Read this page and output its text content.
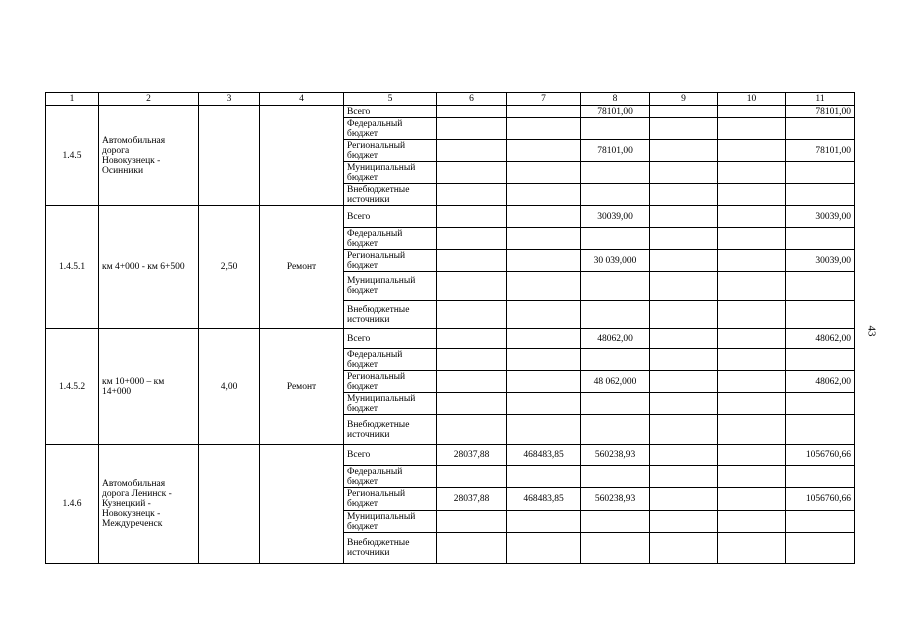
1	2	3	4	5	6	7	8	9	10	11
1.4.5	Автомобильная дорога Новокузнецк - Осинники			Всего			78101,00			78101,00

				Федеральный бюджет						

				Региональный бюджет			78101,00			78101,00

				Муниципальный бюджет						

				Внебюджетные источники						

1.4.5.1	км 4+000 - км 6+500	2,50	Ремонт	Всего			30039,00			30039,00

				Федеральный бюджет						

				Региональный бюджет			30 039,000			30039,00

				Муниципальный бюджет						

				Внебюджетные источники						

1.4.5.2	км 10+000 – км 14+000	4,00	Ремонт	Всего			48062,00			48062,00

				Федеральный бюджет						

				Региональный бюджет			48 062,000			48062,00

				Муниципальный бюджет						

				Внебюджетные источники						

1.4.6	Автомобильная дорога Ленинск - Кузнецкий - Новокузнецк - Междуреченск			Всего	28037,88	468483,85	560238,93			1056760,66

				Федеральный бюджет						

				Региональный бюджет	28037,88	468483,85	560238,93			1056760,66

				Муниципальный бюджет						

				Внебюджетные источники						

43
